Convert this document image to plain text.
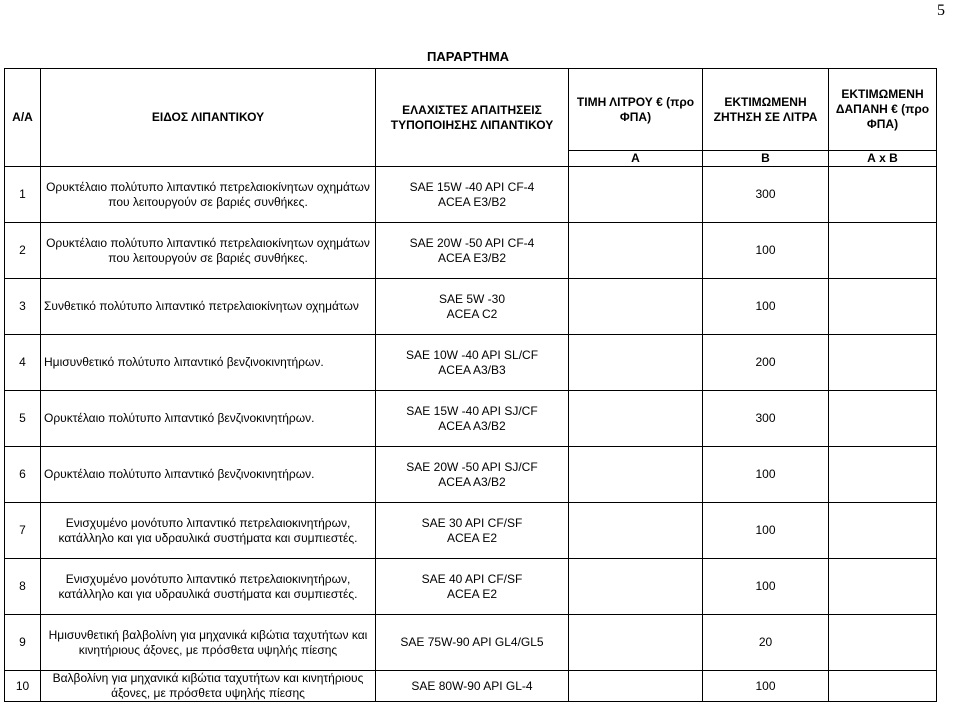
5
ΠΑΡΑΡΤΗΜΑ
Α/Α	ΕΙΔΟΣ ΛΙΠΑΝΤΙΚΟΥ	ΕΛΑΧΙΣΤΕΣ ΑΠΑΙΤΗΣΕΙΣ ΤΥΠΟΠΟΙΗΣΗΣ ΛΙΠΑΝΤΙΚΟΥ	ΤΙΜΗ ΛΙΤΡΟΥ € (προ ΦΠΑ)	ΕΚΤΙΜΩΜΕΝΗ ΖΗΤΗΣΗ ΣΕ ΛΙΤΡΑ	ΕΚΤΙΜΩΜΕΝΗ ΔΑΠΑΝΗ € (προ ΦΠΑ)
			Α	Β	Α x Β
1	Ορυκτέλαιο πολύτυπο λιπαντικό πετρελαιοκίνητων οχημάτων που λειτουργούν σε βαριές συνθήκες.	SAE 15W -40 API CF-4
ACEA E3/B2		300	
2	Ορυκτέλαιο πολύτυπο λιπαντικό πετρελαιοκίνητων οχημάτων που λειτουργούν σε βαριές συνθήκες.	SAE 20W -50 API CF-4
ACEA E3/B2		100	
3	Συνθετικό πολύτυπο λιπαντικό πετρελαιοκίνητων οχημάτων	SAE 5W -30
ACEA C2		100	
4	Ημισυνθετικό πολύτυπο λιπαντικό βενζινοκινητήρων.	SAE 10W -40 API SL/CF
ACEA A3/B3		200	
5	Ορυκτέλαιο πολύτυπο λιπαντικό βενζινοκινητήρων.	SAE 15W -40 API SJ/CF
ACEA A3/B2		300	
6	Ορυκτέλαιο πολύτυπο λιπαντικό βενζινοκινητήρων.	SAE 20W -50 API SJ/CF
ACEA A3/B2		100	
7	Ενισχυμένο μονότυπο λιπαντικό πετρελαιοκινητήρων, κατάλληλο και για υδραυλικά συστήματα και συμπιεστές.	SAE 30 API CF/SF
ACEA E2		100	
8	Ενισχυμένο μονότυπο λιπαντικό πετρελαιοκινητήρων, κατάλληλο και για υδραυλικά συστήματα και συμπιεστές.	SAE 40 API CF/SF
ACEA E2		100	
9	Ημισυνθετική βαλβολίνη για μηχανικά κιβώτια ταχυτήτων και κινητήριους άξονες, με πρόσθετα υψηλής πίεσης	SAE 75W-90 API GL4/GL5		20	
10	Βαλβολίνη για μηχανικά κιβώτια ταχυτήτων και κινητήριους άξονες, με πρόσθετα υψηλής πίεσης	SAE 80W-90 API GL-4		100	
